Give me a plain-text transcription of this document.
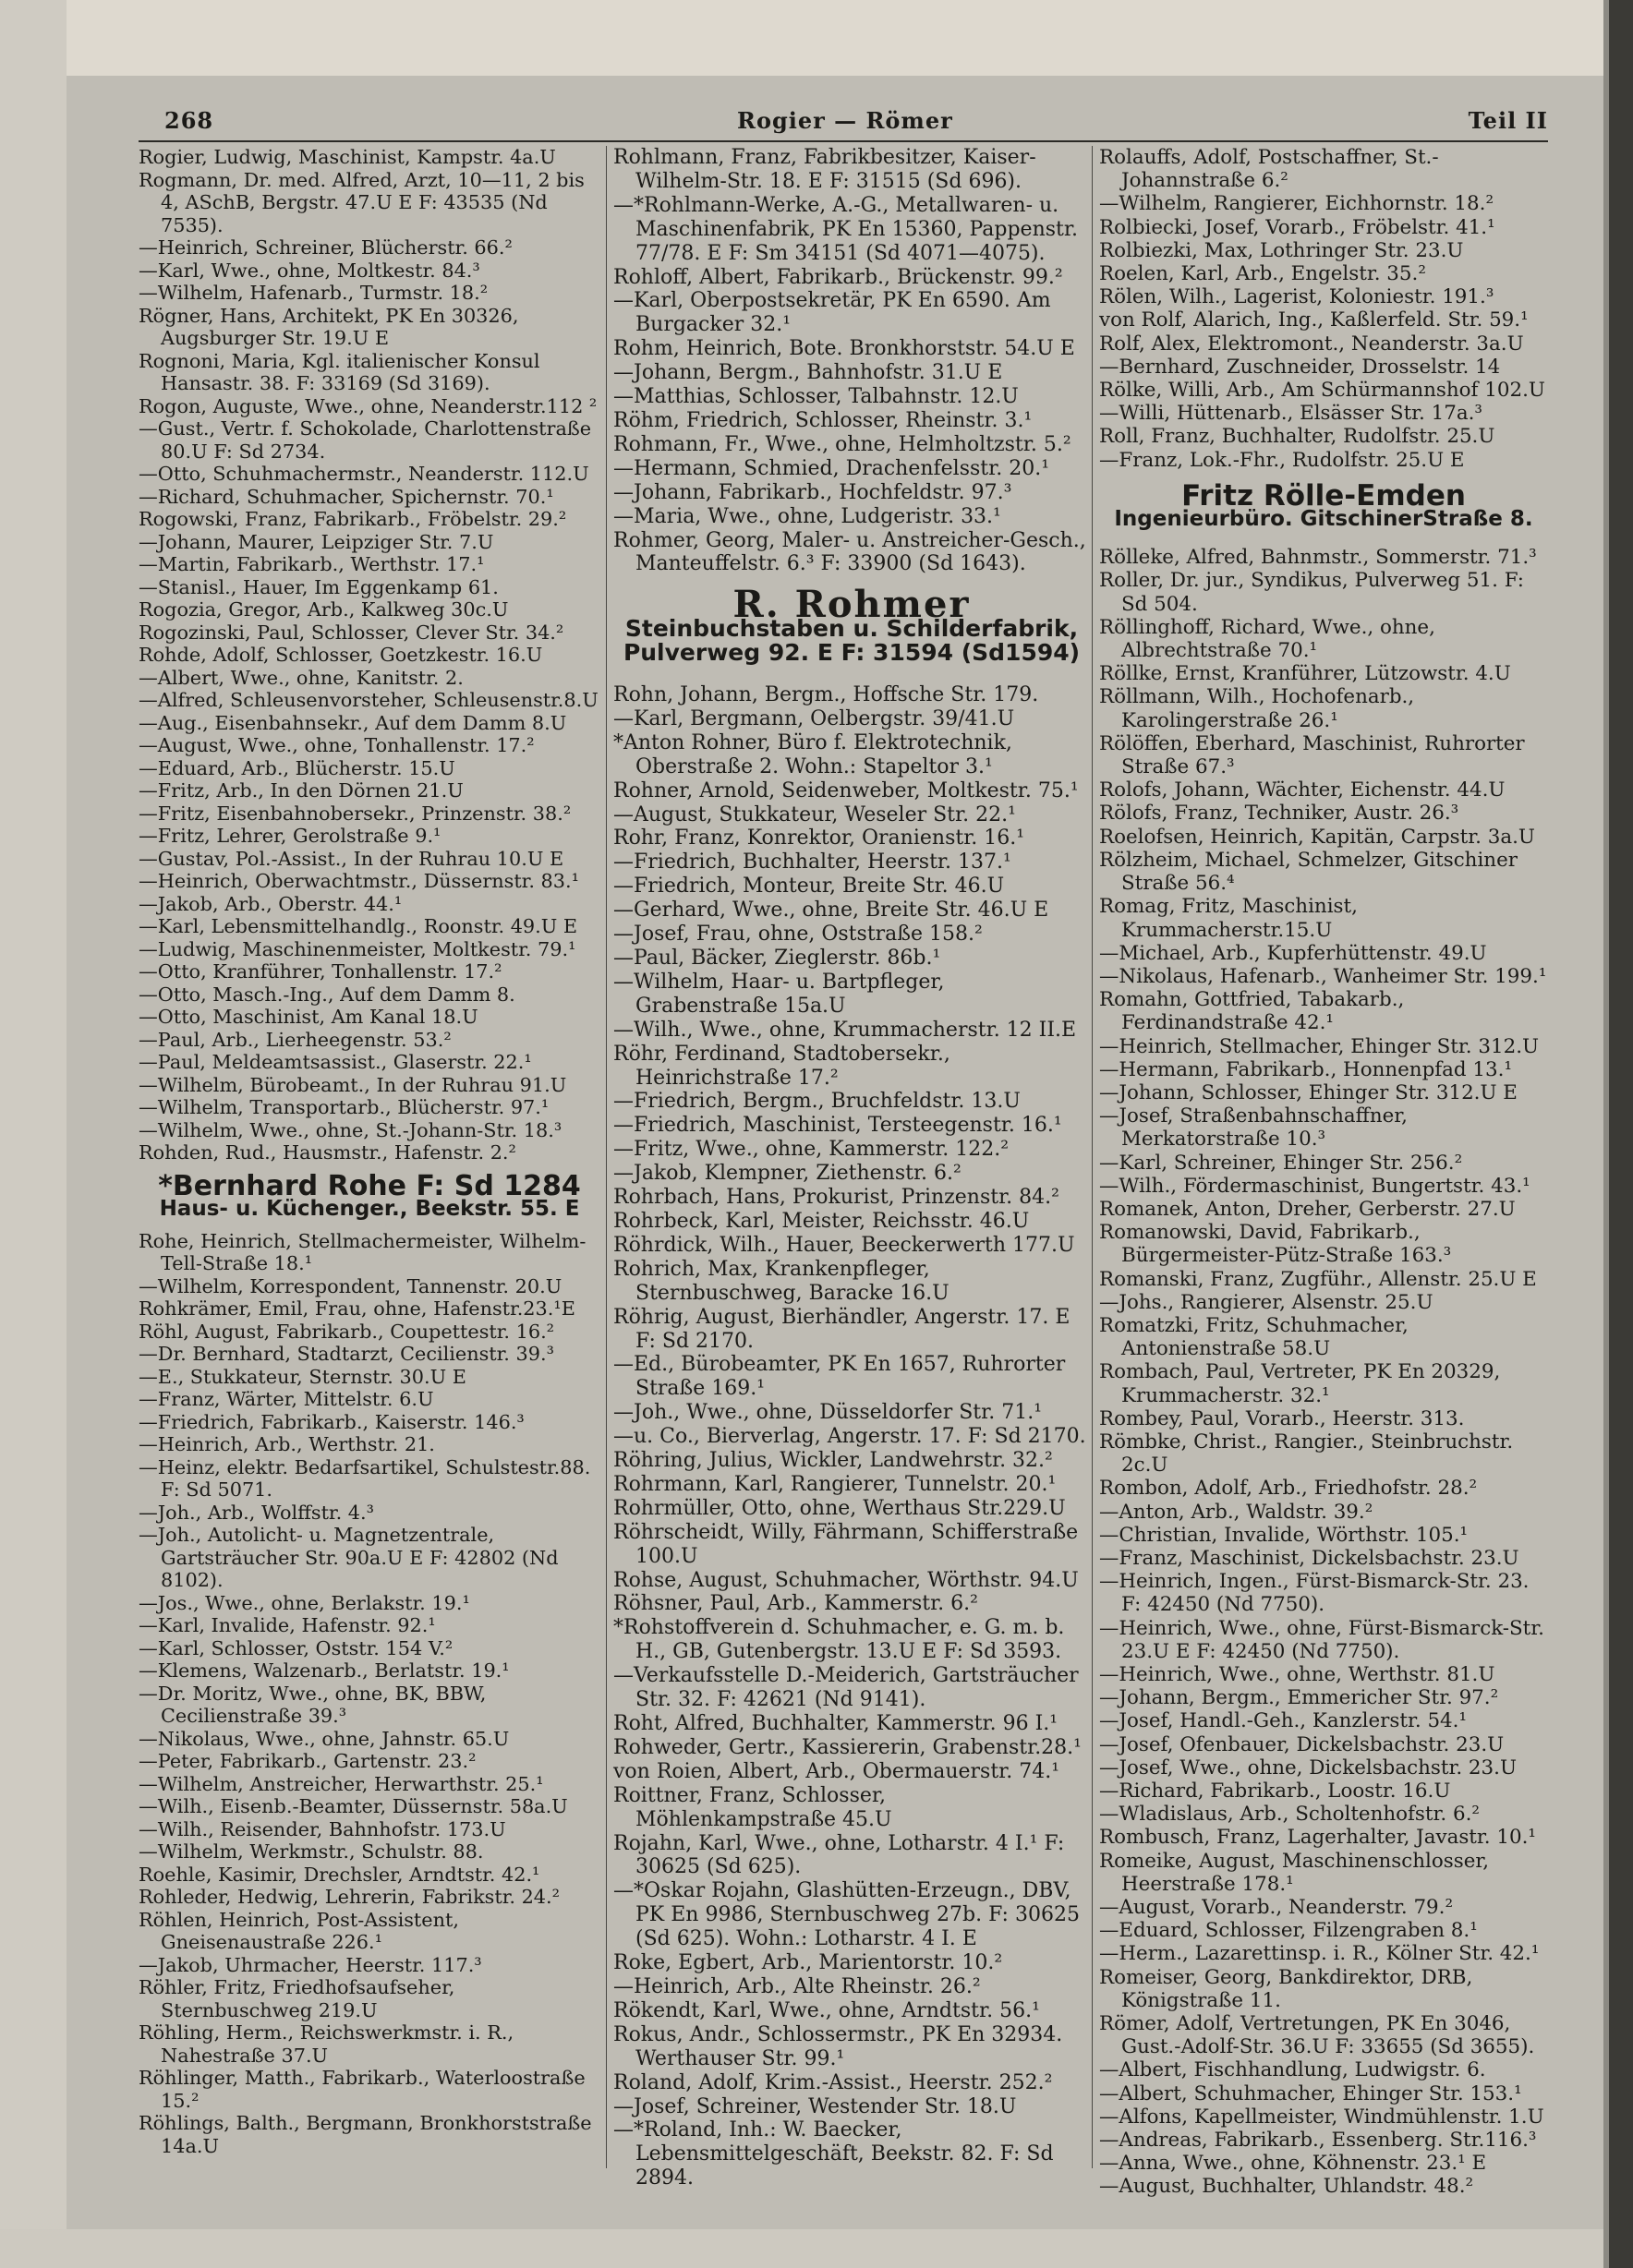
268	Rogier — Römer	Teil II

Rogier, Ludwig, Maschinist, Kampstr. 4a.U

Rogmann, Dr. med. Alfred, Arzt, 10—11, 2 bis 4, ASchB, Bergstr. 47.U E F: 43535 (Nd 7535).

—Heinrich, Schreiner, Blücherstr. 66.²

—Karl, Wwe., ohne, Moltkestr. 84.³

—Wilhelm, Hafenarb., Turmstr. 18.²

Rögner, Hans, Architekt, PK En 30326, Augsburger Str. 19.U E

Rognoni, Maria, Kgl. italienischer Konsul Hansastr. 38. F: 33169 (Sd 3169).

Rogon, Auguste, Wwe., ohne, Neanderstr.112 ²

—Gust., Vertr. f. Schokolade, Charlottenstraße 80.U F: Sd 2734.

—Otto, Schuhmachermstr., Neanderstr. 112.U

—Richard, Schuhmacher, Spichernstr. 70.¹

Rogowski, Franz, Fabrikarb., Fröbelstr. 29.²

—Johann, Maurer, Leipziger Str. 7.U

—Martin, Fabrikarb., Werthstr. 17.¹

—Stanisl., Hauer, Im Eggenkamp 61.

Rogozia, Gregor, Arb., Kalkweg 30c.U

Rogozinski, Paul, Schlosser, Clever Str. 34.²

Rohde, Adolf, Schlosser, Goetzkestr. 16.U

—Albert, Wwe., ohne, Kanitstr. 2.

—Alfred, Schleusenvorsteher, Schleusenstr.8.U

—Aug., Eisenbahnsekr., Auf dem Damm 8.U

—August, Wwe., ohne, Tonhallenstr. 17.²

—Eduard, Arb., Blücherstr. 15.U

—Fritz, Arb., In den Dörnen 21.U

—Fritz, Eisenbahnobersekr., Prinzenstr. 38.²

—Fritz, Lehrer, Gerolstraße 9.¹

—Gustav, Pol.-Assist., In der Ruhrau 10.U E

—Heinrich, Oberwachtmstr., Düssernstr. 83.¹

—Jakob, Arb., Oberstr. 44.¹

—Karl, Lebensmittelhandlg., Roonstr. 49.U E

—Ludwig, Maschinenmeister, Moltkestr. 79.¹

—Otto, Kranführer, Tonhallenstr. 17.²

—Otto, Masch.-Ing., Auf dem Damm 8.

—Otto, Maschinist, Am Kanal 18.U

—Paul, Arb., Lierheegenstr. 53.²

—Paul, Meldeamtsassist., Glaserstr. 22.¹

—Wilhelm, Bürobeamt., In der Ruhrau 91.U

—Wilhelm, Transportarb., Blücherstr. 97.¹

—Wilhelm, Wwe., ohne, St.-Johann-Str. 18.³

Rohden, Rud., Hausmstr., Hafenstr. 2.²

*Bernhard Rohe F: Sd 1284

Haus- u. Küchenger., Beekstr. 55. E

Rohe, Heinrich, Stellmachermeister, Wilhelm-Tell-Straße 18.¹

—Wilhelm, Korrespondent, Tannenstr. 20.U

Rohkrämer, Emil, Frau, ohne, Hafenstr.23.¹E

Röhl, August, Fabrikarb., Coupettestr. 16.²

—Dr. Bernhard, Stadtarzt, Cecilienstr. 39.³

—E., Stukkateur, Sternstr. 30.U E

—Franz, Wärter, Mittelstr. 6.U

—Friedrich, Fabrikarb., Kaiserstr. 146.³

—Heinrich, Arb., Werthstr. 21.

—Heinz, elektr. Bedarfsartikel, Schulstestr.88. F: Sd 5071.

—Joh., Arb., Wolffstr. 4.³

—Joh., Autolicht- u. Magnetzentrale, Gartsträucher Str. 90a.U E F: 42802 (Nd 8102).

—Jos., Wwe., ohne, Berlakstr. 19.¹

—Karl, Invalide, Hafenstr. 92.¹

—Karl, Schlosser, Oststr. 154 V.²

—Klemens, Walzenarb., Berlatstr. 19.¹

—Dr. Moritz, Wwe., ohne, BK, BBW, Cecilienstraße 39.³

—Nikolaus, Wwe., ohne, Jahnstr. 65.U

—Peter, Fabrikarb., Gartenstr. 23.²

—Wilhelm, Anstreicher, Herwarthstr. 25.¹

—Wilh., Eisenb.-Beamter, Düssernstr. 58a.U

—Wilh., Reisender, Bahnhofstr. 173.U

—Wilhelm, Werkmstr., Schulstr. 88.

Roehle, Kasimir, Drechsler, Arndtstr. 42.¹

Rohleder, Hedwig, Lehrerin, Fabrikstr. 24.²

Röhlen, Heinrich, Post-Assistent, Gneisenaustraße 226.¹

—Jakob, Uhrmacher, Heerstr. 117.³

Röhler, Fritz, Friedhofsaufseher, Sternbuschweg 219.U

Röhling, Herm., Reichswerkmstr. i. R., Nahestraße 37.U

Röhlinger, Matth., Fabrikarb., Waterloostraße 15.²

Röhlings, Balth., Bergmann, Bronkhorststraße 14a.U

Rohlmann, Franz, Fabrikbesitzer, Kaiser-Wilhelm-Str. 18. E F: 31515 (Sd 696).

—*Rohlmann-Werke, A.-G., Metallwaren- u. Maschinenfabrik, PK En 15360, Pappenstr. 77/78. E F: Sm 34151 (Sd 4071—4075).

Rohloff, Albert, Fabrikarb., Brückenstr. 99.²

—Karl, Oberpostsekretär, PK En 6590. Am Burgacker 32.¹

Rohm, Heinrich, Bote. Bronkhorststr. 54.U E

—Johann, Bergm., Bahnhofstr. 31.U E

—Matthias, Schlosser, Talbahnstr. 12.U

Röhm, Friedrich, Schlosser, Rheinstr. 3.¹

Rohmann, Fr., Wwe., ohne, Helmholtzstr. 5.²

—Hermann, Schmied, Drachenfelsstr. 20.¹

—Johann, Fabrikarb., Hochfeldstr. 97.³

—Maria, Wwe., ohne, Ludgeristr. 33.¹

Rohmer, Georg, Maler- u. Anstreicher-Gesch., Manteuffelstr. 6.³ F: 33900 (Sd 1643).

R. Rohmer

Steinbuchstaben u. Schilderfabrik, Pulverweg 92. E F: 31594 (Sd1594)

Rohn, Johann, Bergm., Hoffsche Str. 179.

—Karl, Bergmann, Oelbergstr. 39/41.U

*Anton Rohner, Büro f. Elektrotechnik, Oberstraße 2. Wohn.: Stapeltor 3.¹

Rohner, Arnold, Seidenweber, Moltkestr. 75.¹

—August, Stukkateur, Weseler Str. 22.¹

Rohr, Franz, Konrektor, Oranienstr. 16.¹

—Friedrich, Buchhalter, Heerstr. 137.¹

—Friedrich, Monteur, Breite Str. 46.U

—Gerhard, Wwe., ohne, Breite Str. 46.U E

—Josef, Frau, ohne, Oststraße 158.²

—Paul, Bäcker, Zieglerstr. 86b.¹

—Wilhelm, Haar- u. Bartpfleger, Grabenstraße 15a.U

—Wilh., Wwe., ohne, Krummacherstr. 12 II.E

Röhr, Ferdinand, Stadtobersekr., Heinrichstraße 17.²

—Friedrich, Bergm., Bruchfeldstr. 13.U

—Friedrich, Maschinist, Tersteegenstr. 16.¹

—Fritz, Wwe., ohne, Kammerstr. 122.²

—Jakob, Klempner, Ziethenstr. 6.²

Rohrbach, Hans, Prokurist, Prinzenstr. 84.²

Rohrbeck, Karl, Meister, Reichsstr. 46.U

Röhrdick, Wilh., Hauer, Beeckerwerth 177.U

Rohrich, Max, Krankenpfleger, Sternbuschweg, Baracke 16.U

Röhrig, August, Bierhändler, Angerstr. 17. E F: Sd 2170.

—Ed., Bürobeamter, PK En 1657, Ruhrorter Straße 169.¹

—Joh., Wwe., ohne, Düsseldorfer Str. 71.¹

—u. Co., Bierverlag, Angerstr. 17. F: Sd 2170.

Röhring, Julius, Wickler, Landwehrstr. 32.²

Rohrmann, Karl, Rangierer, Tunnelstr. 20.¹

Rohrmüller, Otto, ohne, Werthaus Str.229.U

Röhrscheidt, Willy, Fährmann, Schifferstraße 100.U

Rohse, August, Schuhmacher, Wörthstr. 94.U

Röhsner, Paul, Arb., Kammerstr. 6.²

*Rohstoffverein d. Schuhmacher, e. G. m. b. H., GB, Gutenbergstr. 13.U E F: Sd 3593.

—Verkaufsstelle D.-Meiderich, Gartsträucher Str. 32. F: 42621 (Nd 9141).

Roht, Alfred, Buchhalter, Kammerstr. 96 I.¹

Rohweder, Gertr., Kassiererin, Grabenstr.28.¹

von Roien, Albert, Arb., Obermauerstr. 74.¹

Roittner, Franz, Schlosser, Möhlenkampstraße 45.U

Rojahn, Karl, Wwe., ohne, Lotharstr. 4 I.¹ F: 30625 (Sd 625).

—*Oskar Rojahn, Glashütten-Erzeugn., DBV, PK En 9986, Sternbuschweg 27b. F: 30625 (Sd 625). Wohn.: Lotharstr. 4 I. E

Roke, Egbert, Arb., Marientorstr. 10.²

—Heinrich, Arb., Alte Rheinstr. 26.²

Rökendt, Karl, Wwe., ohne, Arndtstr. 56.¹

Rokus, Andr., Schlossermstr., PK En 32934. Werthauser Str. 99.¹

Roland, Adolf, Krim.-Assist., Heerstr. 252.²

—Josef, Schreiner, Westender Str. 18.U

—*Roland, Inh.: W. Baecker, Lebensmittelgeschäft, Beekstr. 82. F: Sd 2894.

Rolauffs, Adolf, Postschaffner, St.-Johannstraße 6.²

—Wilhelm, Rangierer, Eichhornstr. 18.²

Rolbiecki, Josef, Vorarb., Fröbelstr. 41.¹

Rolbiezki, Max, Lothringer Str. 23.U

Roelen, Karl, Arb., Engelstr. 35.²

Rölen, Wilh., Lagerist, Koloniestr. 191.³

von Rolf, Alarich, Ing., Kaßlerfeld. Str. 59.¹

Rolf, Alex, Elektromont., Neanderstr. 3a.U

—Bernhard, Zuschneider, Drosselstr. 14

Rölke, Willi, Arb., Am Schürmannshof 102.U

—Willi, Hüttenarb., Elsässer Str. 17a.³

Roll, Franz, Buchhalter, Rudolfstr. 25.U

—Franz, Lok.-Fhr., Rudolfstr. 25.U E

Fritz Rölle-Emden

Ingenieurbüro. GitschinerStraße 8.

Rölleke, Alfred, Bahnmstr., Sommerstr. 71.³

Roller, Dr. jur., Syndikus, Pulverweg 51. F: Sd 504.

Röllinghoff, Richard, Wwe., ohne, Albrechtstraße 70.¹

Röllke, Ernst, Kranführer, Lützowstr. 4.U

Röllmann, Wilh., Hochofenarb., Karolingerstraße 26.¹

Rölöffen, Eberhard, Maschinist, Ruhrorter Straße 67.³

Rolofs, Johann, Wächter, Eichenstr. 44.U

Rölofs, Franz, Techniker, Austr. 26.³

Roelofsen, Heinrich, Kapitän, Carpstr. 3a.U

Rölzheim, Michael, Schmelzer, Gitschiner Straße 56.⁴

Romag, Fritz, Maschinist, Krummacherstr.15.U

—Michael, Arb., Kupferhüttenstr. 49.U

—Nikolaus, Hafenarb., Wanheimer Str. 199.¹

Romahn, Gottfried, Tabakarb., Ferdinandstraße 42.¹

—Heinrich, Stellmacher, Ehinger Str. 312.U

—Hermann, Fabrikarb., Honnenpfad 13.¹

—Johann, Schlosser, Ehinger Str. 312.U E

—Josef, Straßenbahnschaffner, Merkatorstraße 10.³

—Karl, Schreiner, Ehinger Str. 256.²

—Wilh., Fördermaschinist, Bungertstr. 43.¹

Romanek, Anton, Dreher, Gerberstr. 27.U

Romanowski, David, Fabrikarb., Bürgermeister-Pütz-Straße 163.³

Romanski, Franz, Zugführ., Allenstr. 25.U E

—Johs., Rangierer, Alsenstr. 25.U

Romatzki, Fritz, Schuhmacher, Antonienstraße 58.U

Rombach, Paul, Vertreter, PK En 20329, Krummacherstr. 32.¹

Rombey, Paul, Vorarb., Heerstr. 313.

Römbke, Christ., Rangier., Steinbruchstr. 2c.U

Rombon, Adolf, Arb., Friedhofstr. 28.²

—Anton, Arb., Waldstr. 39.²

—Christian, Invalide, Wörthstr. 105.¹

—Franz, Maschinist, Dickelsbachstr. 23.U

—Heinrich, Ingen., Fürst-Bismarck-Str. 23. F: 42450 (Nd 7750).

—Heinrich, Wwe., ohne, Fürst-Bismarck-Str. 23.U E F: 42450 (Nd 7750).

—Heinrich, Wwe., ohne, Werthstr. 81.U

—Johann, Bergm., Emmericher Str. 97.²

—Josef, Handl.-Geh., Kanzlerstr. 54.¹

—Josef, Ofenbauer, Dickelsbachstr. 23.U

—Josef, Wwe., ohne, Dickelsbachstr. 23.U

—Richard, Fabrikarb., Loostr. 16.U

—Wladislaus, Arb., Scholtenhofstr. 6.²

Rombusch, Franz, Lagerhalter, Javastr. 10.¹

Romeike, August, Maschinenschlosser, Heerstraße 178.¹

—August, Vorarb., Neanderstr. 79.²

—Eduard, Schlosser, Filzengraben 8.¹

—Herm., Lazarettinsp. i. R., Kölner Str. 42.¹

Romeiser, Georg, Bankdirektor, DRB, Königstraße 11.

Römer, Adolf, Vertretungen, PK En 3046, Gust.-Adolf-Str. 36.U F: 33655 (Sd 3655).

—Albert, Fischhandlung, Ludwigstr. 6.

—Albert, Schuhmacher, Ehinger Str. 153.¹

—Alfons, Kapellmeister, Windmühlenstr. 1.U

—Andreas, Fabrikarb., Essenberg. Str.116.³

—Anna, Wwe., ohne, Köhnenstr. 23.¹ E

—August, Buchhalter, Uhlandstr. 48.²
